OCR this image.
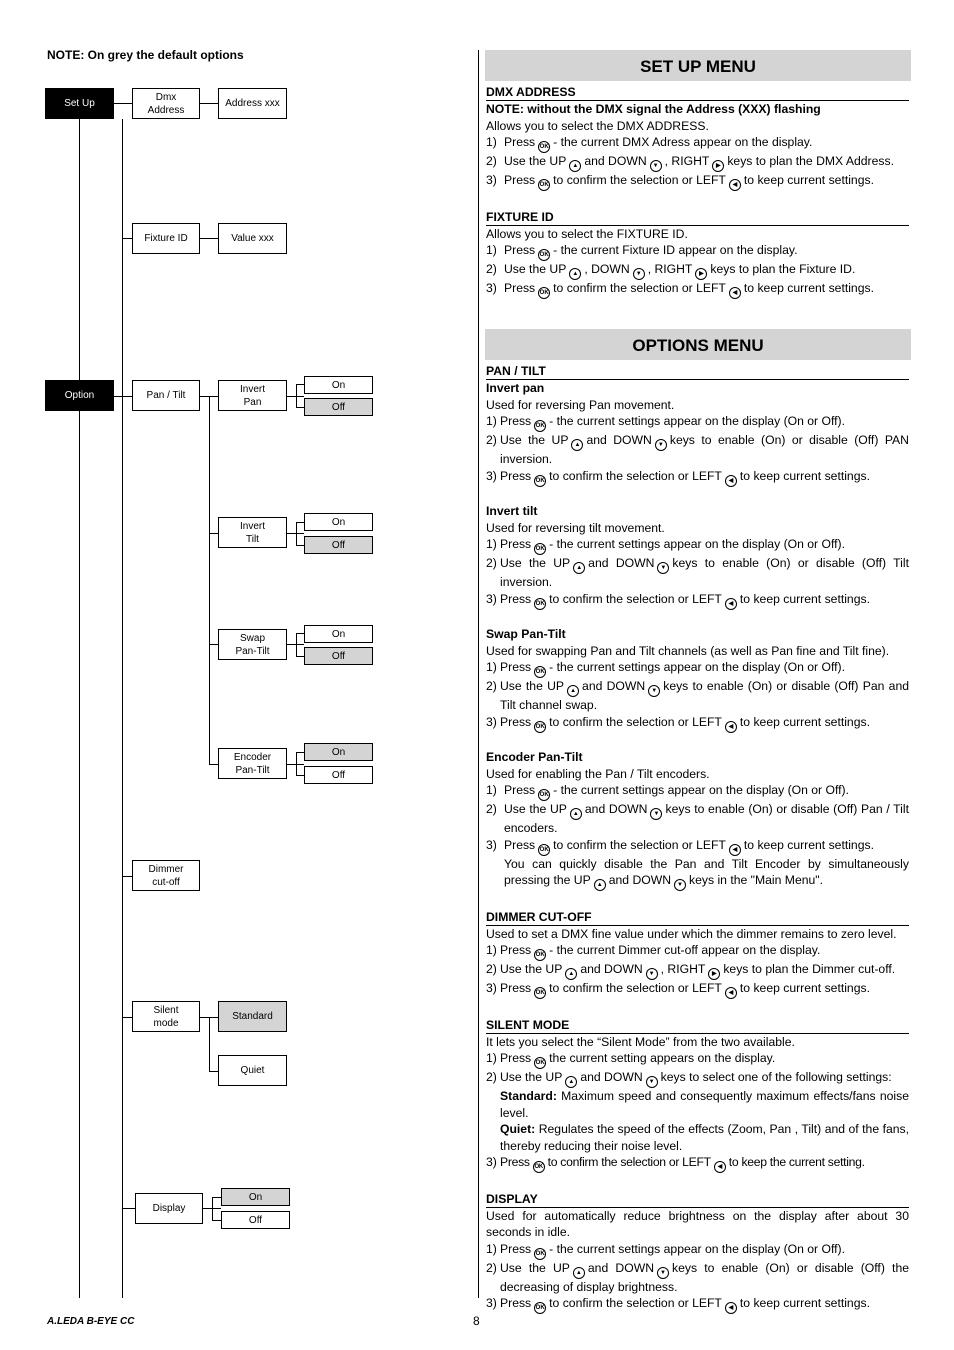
NOTE: On grey the default options
Set Up
Dmx
Address
Address xxx
Fixture ID	Value xxx
Option	Pan / Tilt
Invert
Pan
On
Off
Invert
Tilt
On
Off
Swap
Pan-Tilt
On
Off
Encoder
Pan-Tilt
On
Off
Dimmer
cut-off
Silent
mode
Standard
Quiet
Display
On
Off
SET UP MENU
DMX ADDRESS
NOTE: without the DMX signal the Address (XXX) flashing
Allows you to select the DMX ADDRESS.
1) Press OK - the current DMX Adress appear on the display.
2) Use the UP ▲ and DOWN ▼ , RIGHT ▶ keys to plan the DMX Address.
3) Press OK to confirm the selection or LEFT ◀ to keep current settings.
FIXTURE ID
Allows you to select the FIXTURE ID.
1) Press OK - the current Fixture ID appear on the display.
2) Use the UP ▲ , DOWN ▼ , RIGHT ▶ keys to plan the Fixture ID.
3) Press OK to confirm the selection or LEFT ◀ to keep current settings.
OPTIONS MENU
PAN / TILT
Invert pan
Used for reversing Pan movement.
1) Press OK - the current settings appear on the display (On or Off).
2) Use the UP ▲ and DOWN ▼ keys to enable (On) or disable (Off) PAN inversion.
3) Press OK to confirm the selection or LEFT ◀ to keep current settings.
Invert tilt
Used for reversing tilt movement.
1) Press OK - the current settings appear on the display (On or Off).
2) Use the UP ▲ and DOWN ▼ keys to enable (On) or disable (Off) Tilt inversion.
3) Press OK to confirm the selection or LEFT ◀ to keep current settings.
Swap Pan-Tilt
Used for swapping Pan and Tilt channels (as well as Pan fine and Tilt fine).
1) Press OK - the current settings appear on the display (On or Off).
2) Use the UP ▲ and DOWN ▼ keys to enable (On) or disable (Off) Pan and Tilt channel swap.
3) Press OK to confirm the selection or LEFT ◀ to keep current settings.
Encoder Pan-Tilt
Used for enabling the Pan / Tilt encoders.
1) Press OK - the current settings appear on the display (On or Off).
2) Use the UP ▲ and DOWN ▼ keys to enable (On) or disable (Off) Pan / Tilt encoders.
3) Press OK to confirm the selection or LEFT ◀ to keep current settings.
You can quickly disable the Pan and Tilt Encoder by simultaneously pressing the UP ▲ and DOWN ▼ keys in the "Main Menu".
DIMMER CUT-OFF
Used to set a DMX fine value under which the dimmer remains to zero level.
1) Press OK - the current Dimmer cut-off appear on the display.
2) Use the UP ▲ and DOWN ▼ , RIGHT ▶ keys to plan the Dimmer cut-off.
3) Press OK to confirm the selection or LEFT ◀ to keep current settings.
SILENT MODE
It lets you select the “Silent Mode” from the two available.
1) Press OK the current setting appears on the display.
2) Use the UP ▲ and DOWN ▼ keys to select one of the following settings:
Standard: Maximum speed and consequently maximum effects/fans noise level.
Quiet: Regulates the speed of the effects (Zoom, Pan , Tilt) and of the fans, thereby reducing their noise level.
3) Press OK to confirm the selection or LEFT ◀ to keep the current setting.
DISPLAY
Used for automatically reduce brightness on the display after about 30 seconds in idle.
1) Press OK - the current settings appear on the display (On or Off).
2) Use the UP ▲ and DOWN ▼ keys to enable (On) or disable (Off) the decreasing of display brightness.
3) Press OK to confirm the selection or LEFT ◀ to keep current settings.
A.LEDA B-EYE CC	8
